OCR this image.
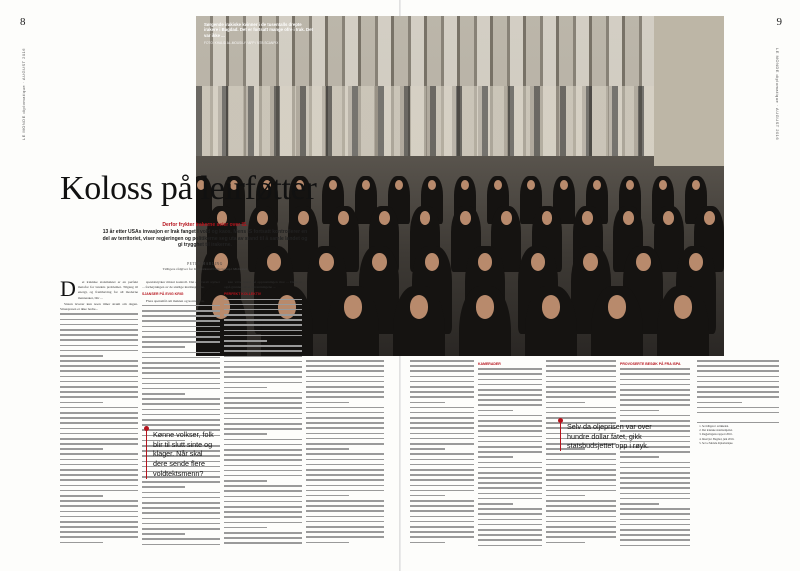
8
LE MONDE diplomatique · AUGUST 2016
9
LE MONDE diplomatique · AUGUST 2016
Sørgende irakiske kvinner i de tusentalls drepte irakere i Bagdad. Det er fortsatt mange ofre i Irak. Det var ikke ...
FOTO: KHALID AL-MOUSILY / AFP / NTB SCANPIX
Koloss på leirføtter
Derfor frykter irakerne seier over IS.
13 år etter USAs invasjon er Irak fanget i vold og kaos. Mens IS fortsatt kontrollerer en del av territoriet, viser regjeringen og politikerne seg uta av stand til å samle landet og gi trygghet til irakerne.
PETER HARLING
Tidligere rådgiver for International Crisis Group i Midtøsten
D	et irakiske statsmaktet er en perfekt metafor for landets problemer. Tilgang til energi, og fremheving for all moderne mennesker, blir ...

Staten leverer kun noen timer strøm om dagen. Situasjonen er ikke bedre...

spesialstyrker mistet kontroll. Det er overalt styrker ... forhøyningen av de statlige institusjonene.

SJANSER PÅ EVIG KRIG

Flere spørsmål om makten og korrupsjon.

kan være basert på opprustningen mot ... Dette er også grunnen til at forventningene ...

PERFEKT KOLLEKTIV

Kønne volkser, folk blir til slutt sinte og klager. Når skal dere sende flere voldtektsmenn?

KAMERADER	PROVOSERTE BESØK PÅ FRA ISPA

Selv da oljeprisen var over hundre dollar fatet, gikk statsbudsjettet opp i røyk.
1. Se tidligere i artikkelen.
2. Det irakiske statsbudsjettet.
3. Regjeringens rapport 2016.
4. Intervju i Bagdad, juni 2016.
5. Se Le Monde diplomatique.
